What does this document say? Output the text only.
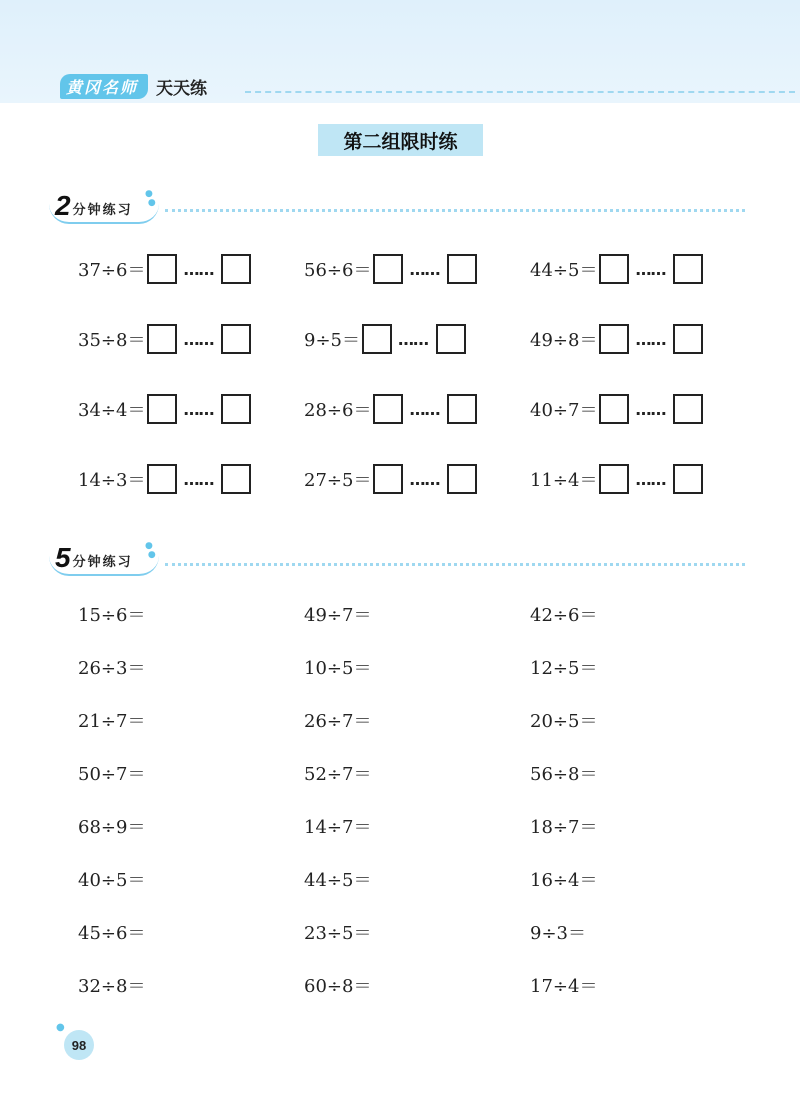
黄冈名师	天天练
第二组限时练
2 分钟练习
●
●
37÷6＝ ……	56÷6＝ ……	44÷5＝ ……
35÷8＝ ……	9÷5＝ ……	49÷8＝ ……
34÷4＝ ……	28÷6＝ ……	40÷7＝ ……
14÷3＝ ……	27÷5＝ ……	11÷4＝ ……
5 分钟练习
●
●
15÷6＝	49÷7＝	42÷6＝
26÷3＝	10÷5＝	12÷5＝
21÷7＝	26÷7＝	20÷5＝
50÷7＝	52÷7＝	56÷8＝
68÷9＝	14÷7＝	18÷7＝
40÷5＝	44÷5＝	16÷4＝
45÷6＝	23÷5＝	9÷3＝
32÷8＝	60÷8＝	17÷4＝
●
98
